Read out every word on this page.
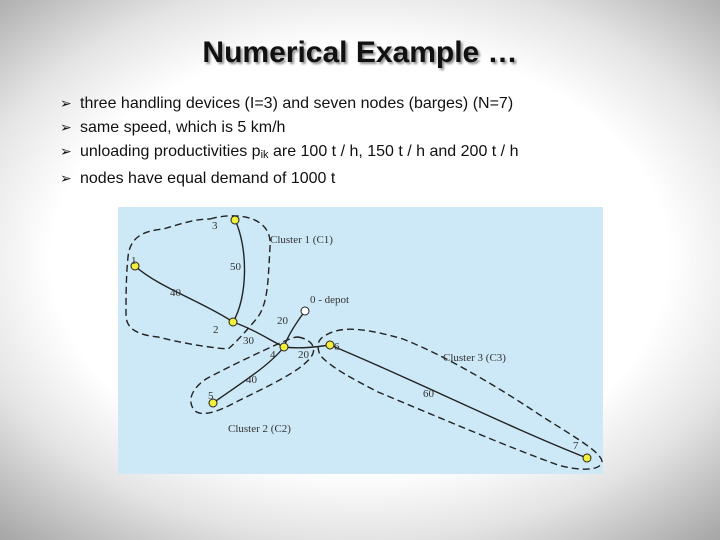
Numerical Example …
➢ three handling devices (I=3) and seven nodes (barges) (N=7)
➢ same speed, which is 5 km/h
➢ unloading productivities pik are 100 t / h, 150 t / h and 200 t / h
➢ nodes have equal demand of 1000 t
3
1
2
4
5
6
7
0 - depot
Cluster 1 (C1)
Cluster 2 (C2)
Cluster 3 (C3)
50
40
20
30
20
40
60
